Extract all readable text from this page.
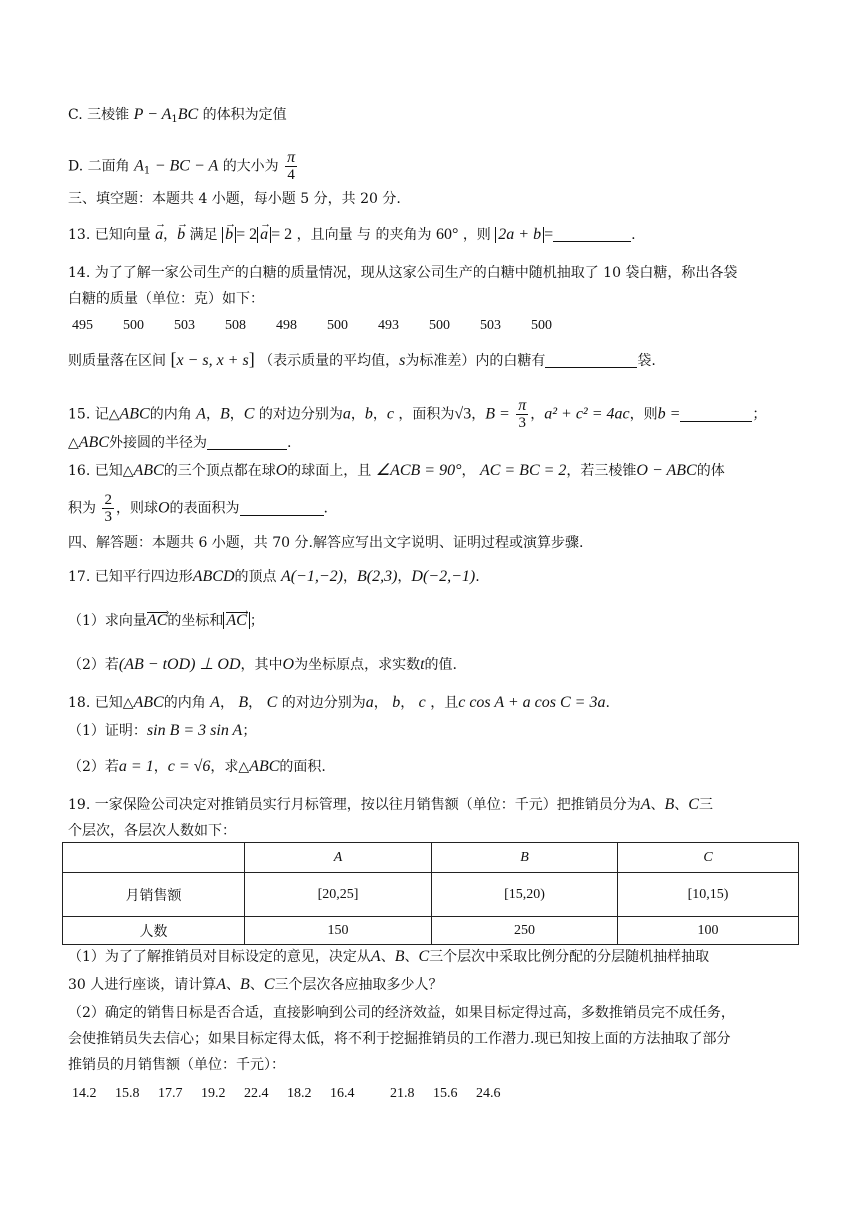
C. 三棱锥 $P - A_1BC$ 的体积为定值
D. 二面角 $A_1$ − BC − A 的大小为 $\frac{\pi}{4}$
三、填空题：本题共 4 小题，每小题 5 分，共 20 分.
13. 已知向量 → a，→ b 满足 → b = 2 → a = 2 ，且向量 与 的夹角为 60° ，则 2a + b =	.
14. 为了了解一家公司生产的白糖的质量情况，现从这家公司生产的白糖中随机抽取了 10 袋白糖，称出各袋
白糖的质量（单位：克）如下：
495 500 503 508 498 500 493 500 503 500
则质量落在区间 [x − s, x + s] （表示质量的平均值，s为标准差）内的白糖有	袋.
15. 记△ABC的内角 A，B，C 的对边分别为a，b，c ，面积为√3，$B = \frac{\pi}{3}$ ，a² + c² = 4ac，则b =	；
△ABC外接圆的半径为	.
16. 已知△ABC的三个顶点都在球O的球面上，且 ∠ACB = 90°， AC = BC = 2，若三棱锥O − ABC的体
积为 $\frac{2}{3}$ ，则球O的表面积为	.
四、解答题：本题共 6 小题，共 70 分.解答应写出文字说明、证明过程或演算步骤.
17. 已知平行四边形ABCD的顶点 A(−1,−2)，B(2,3)，D(−2,−1).
（1）求向量AC ›的坐标和 AC › ；
（2）若(AB − tOD) ⊥ OD，其中O为坐标原点，求实数t的值.
18. 已知△ABC的内角 A， B， C 的对边分别为a， b， c ，且c cos A + a cos C = 3a.
（1）证明：sin B = 3 sin A；
（2）若a = 1，c = √6，求△ABC的面积.
19. 一家保险公司决定对推销员实行月标管理，按以往月销售额（单位：千元）把推销员分为A、B、C三
个层次，各层次人数如下：
	A	B	C
月销售额	[20,25]	[15,20)	[10,15)
人数	150	250	100
（1）为了了解推销员对目标设定的意见，决定从A、B、C三个层次中采取比例分配的分层随机抽样抽取
30 人进行座谈，请计算A、B、C三个层次各应抽取多少人？
（2）确定的销售日标是否合适，直接影响到公司的经济效益，如果目标定得过高，多数推销员完不成任务，
会使推销员失去信心；如果目标定得太低，将不利于挖掘推销员的工作潜力.现已知按上面的方法抽取了部分
推销员的月销售额（单位：千元）：
14.2 15.8 17.7 19.2 22.4 18.2 16.4	21.8 15.6 24.6
